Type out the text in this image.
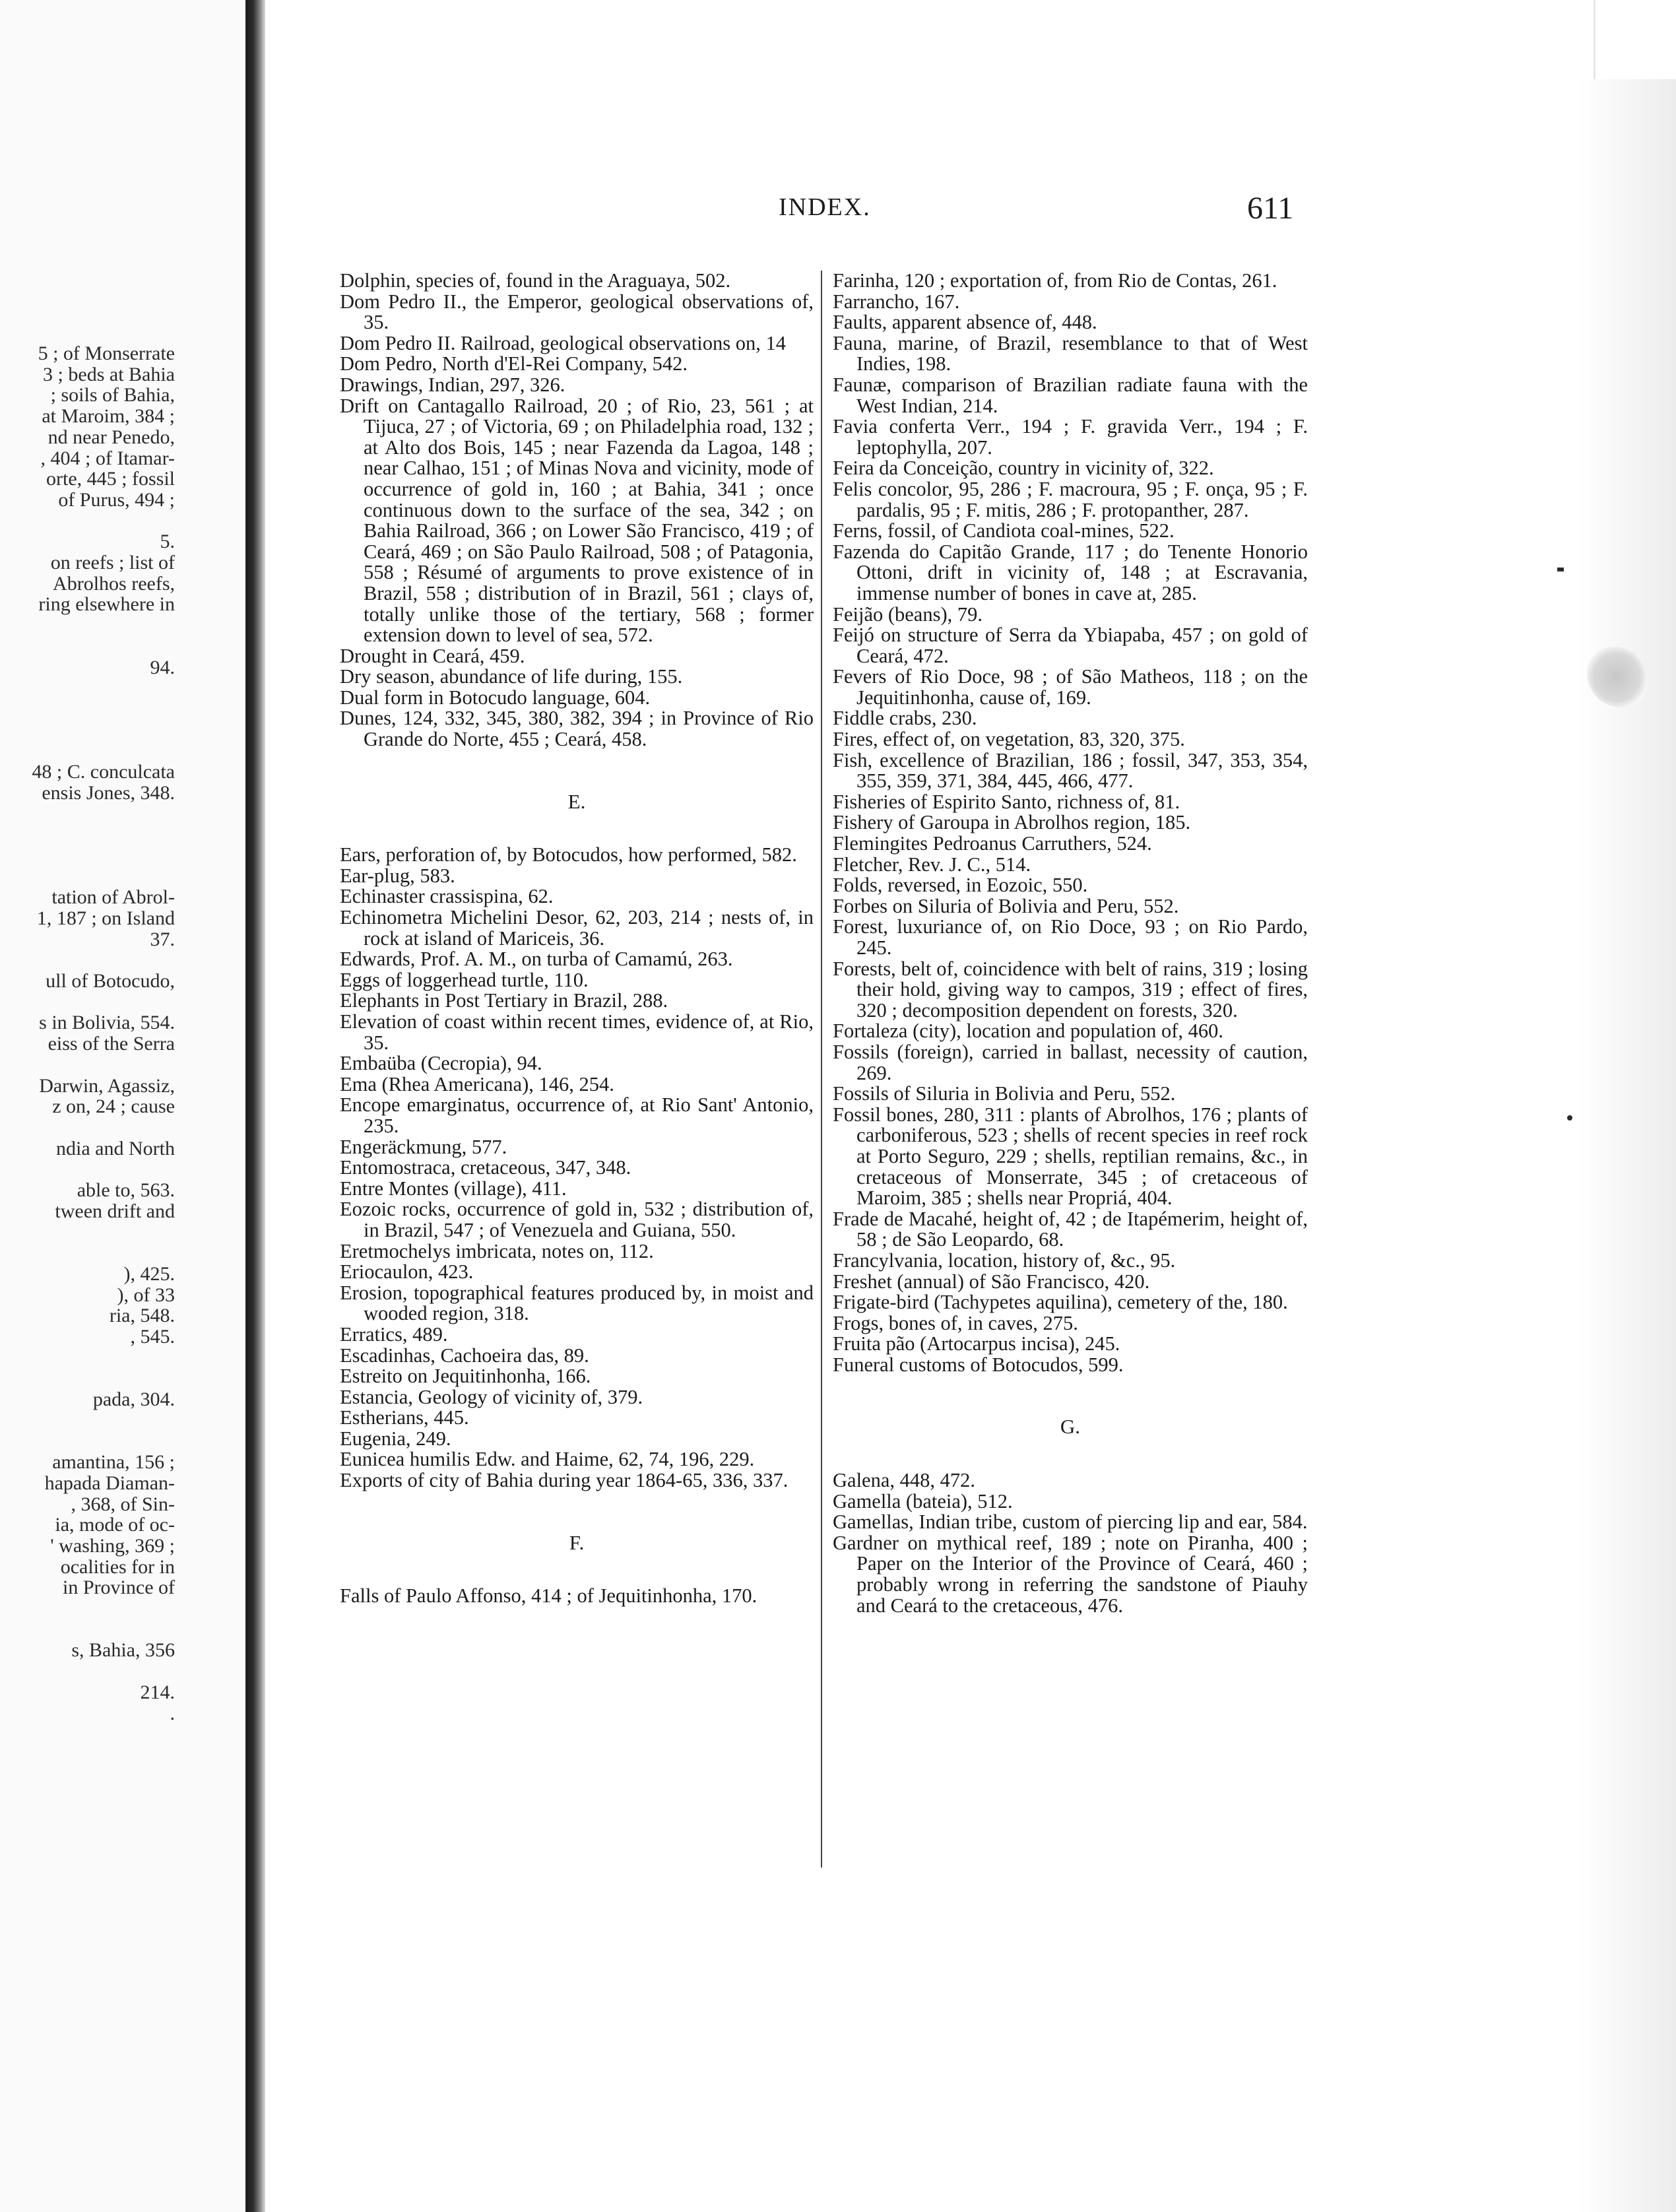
5 ; of Monserrate
3 ; beds at Bahia
; soils of Bahia,
at Maroim, 384 ;
nd near Penedo,
, 404 ; of Itamar-
orte, 445 ; fossil
of Purus, 494 ;
5.
on reefs ; list of
Abrolhos reefs,
ring elsewhere in
94.
48 ; C. conculcata
ensis Jones, 348.
tation of Abrol-
1, 187 ; on Island
37.
ull of Botocudo,
s in Bolivia, 554.
eiss of the Serra
Darwin, Agassiz,
z on, 24 ; cause
ndia and North
able to, 563.
tween drift and
), 425.
), of 33
ria, 548.
, 545.
pada, 304.
amantina, 156 ;
hapada Diaman-
, 368, of Sin-
ia, mode of oc-
' washing, 369 ;
ocalities for in
in Province of
s, Bahia, 356
214.
.
INDEX.	611

Dolphin, species of, found in the Araguaya, 502.

Dom Pedro II., the Emperor, geological observations of, 35.

Dom Pedro II. Railroad, geological observations on, 14

Dom Pedro, North d'El-Rei Company, 542.

Drawings, Indian, 297, 326.

Drift on Cantagallo Railroad, 20 ; of Rio, 23, 561 ; at Tijuca, 27 ; of Victoria, 69 ; on Philadelphia road, 132 ; at Alto dos Bois, 145 ; near Fazenda da Lagoa, 148 ; near Calhao, 151 ; of Minas Nova and vicinity, mode of occurrence of gold in, 160 ; at Bahia, 341 ; once continuous down to the surface of the sea, 342 ; on Bahia Railroad, 366 ; on Lower São Francisco, 419 ; of Ceará, 469 ; on São Paulo Railroad, 508 ; of Patagonia, 558 ; Résumé of arguments to prove existence of in Brazil, 558 ; distribution of in Brazil, 561 ; clays of, totally unlike those of the tertiary, 568 ; former extension down to level of sea, 572.

Drought in Ceará, 459.

Dry season, abundance of life during, 155.

Dual form in Botocudo language, 604.

Dunes, 124, 332, 345, 380, 382, 394 ; in Province of Rio Grande do Norte, 455 ; Ceará, 458.

E.

Ears, perforation of, by Botocudos, how performed, 582.

Ear-plug, 583.

Echinaster crassispina, 62.

Echinometra Michelini Desor, 62, 203, 214 ; nests of, in rock at island of Mariceis, 36.

Edwards, Prof. A. M., on turba of Camamú, 263.

Eggs of loggerhead turtle, 110.

Elephants in Post Tertiary in Brazil, 288.

Elevation of coast within recent times, evidence of, at Rio, 35.

Embaüba (Cecropia), 94.

Ema (Rhea Americana), 146, 254.

Encope emarginatus, occurrence of, at Rio Sant' Antonio, 235.

Engeräckmung, 577.

Entomostraca, cretaceous, 347, 348.

Entre Montes (village), 411.

Eozoic rocks, occurrence of gold in, 532 ; distribution of, in Brazil, 547 ; of Venezuela and Guiana, 550.

Eretmochelys imbricata, notes on, 112.

Eriocaulon, 423.

Erosion, topographical features produced by, in moist and wooded region, 318.

Erratics, 489.

Escadinhas, Cachoeira das, 89.

Estreito on Jequitinhonha, 166.

Estancia, Geology of vicinity of, 379.

Estherians, 445.

Eugenia, 249.

Eunicea humilis Edw. and Haime, 62, 74, 196, 229.

Exports of city of Bahia during year 1864-65, 336, 337.

F.

Falls of Paulo Affonso, 414 ; of Jequitinhonha, 170.

Farinha, 120 ; exportation of, from Rio de Contas, 261.

Farrancho, 167.

Faults, apparent absence of, 448.

Fauna, marine, of Brazil, resemblance to that of West Indies, 198.

Faunæ, comparison of Brazilian radiate fauna with the West Indian, 214.

Favia conferta Verr., 194 ; F. gravida Verr., 194 ; F. leptophylla, 207.

Feira da Conceição, country in vicinity of, 322.

Felis concolor, 95, 286 ; F. macroura, 95 ; F. onça, 95 ; F. pardalis, 95 ; F. mitis, 286 ; F. protopanther, 287.

Ferns, fossil, of Candiota coal-mines, 522.

Fazenda do Capitão Grande, 117 ; do Tenente Honorio Ottoni, drift in vicinity of, 148 ; at Escravania, immense number of bones in cave at, 285.

Feijão (beans), 79.

Feijó on structure of Serra da Ybiapaba, 457 ; on gold of Ceará, 472.

Fevers of Rio Doce, 98 ; of São Matheos, 118 ; on the Jequitinhonha, cause of, 169.

Fiddle crabs, 230.

Fires, effect of, on vegetation, 83, 320, 375.

Fish, excellence of Brazilian, 186 ; fossil, 347, 353, 354, 355, 359, 371, 384, 445, 466, 477.

Fisheries of Espirito Santo, richness of, 81.

Fishery of Garoupa in Abrolhos region, 185.

Flemingites Pedroanus Carruthers, 524.

Fletcher, Rev. J. C., 514.

Folds, reversed, in Eozoic, 550.

Forbes on Siluria of Bolivia and Peru, 552.

Forest, luxuriance of, on Rio Doce, 93 ; on Rio Pardo, 245.

Forests, belt of, coincidence with belt of rains, 319 ; losing their hold, giving way to campos, 319 ; effect of fires, 320 ; decomposition dependent on forests, 320.

Fortaleza (city), location and population of, 460.

Fossils (foreign), carried in ballast, necessity of caution, 269.

Fossils of Siluria in Bolivia and Peru, 552.

Fossil bones, 280, 311 : plants of Abrolhos, 176 ; plants of carboniferous, 523 ; shells of recent species in reef rock at Porto Seguro, 229 ; shells, reptilian remains, &c., in cretaceous of Monserrate, 345 ; of cretaceous of Maroim, 385 ; shells near Propriá, 404.

Frade de Macahé, height of, 42 ; de Itapémerim, height of, 58 ; de São Leopardo, 68.

Francylvania, location, history of, &c., 95.

Freshet (annual) of São Francisco, 420.

Frigate-bird (Tachypetes aquilina), cemetery of the, 180.

Frogs, bones of, in caves, 275.

Fruita pão (Artocarpus incisa), 245.

Funeral customs of Botocudos, 599.

G.

Galena, 448, 472.

Gamella (bateia), 512.

Gamellas, Indian tribe, custom of piercing lip and ear, 584.

Gardner on mythical reef, 189 ; note on Piranha, 400 ; Paper on the Interior of the Province of Ceará, 460 ; probably wrong in referring the sandstone of Piauhy and Ceará to the cretaceous, 476.
